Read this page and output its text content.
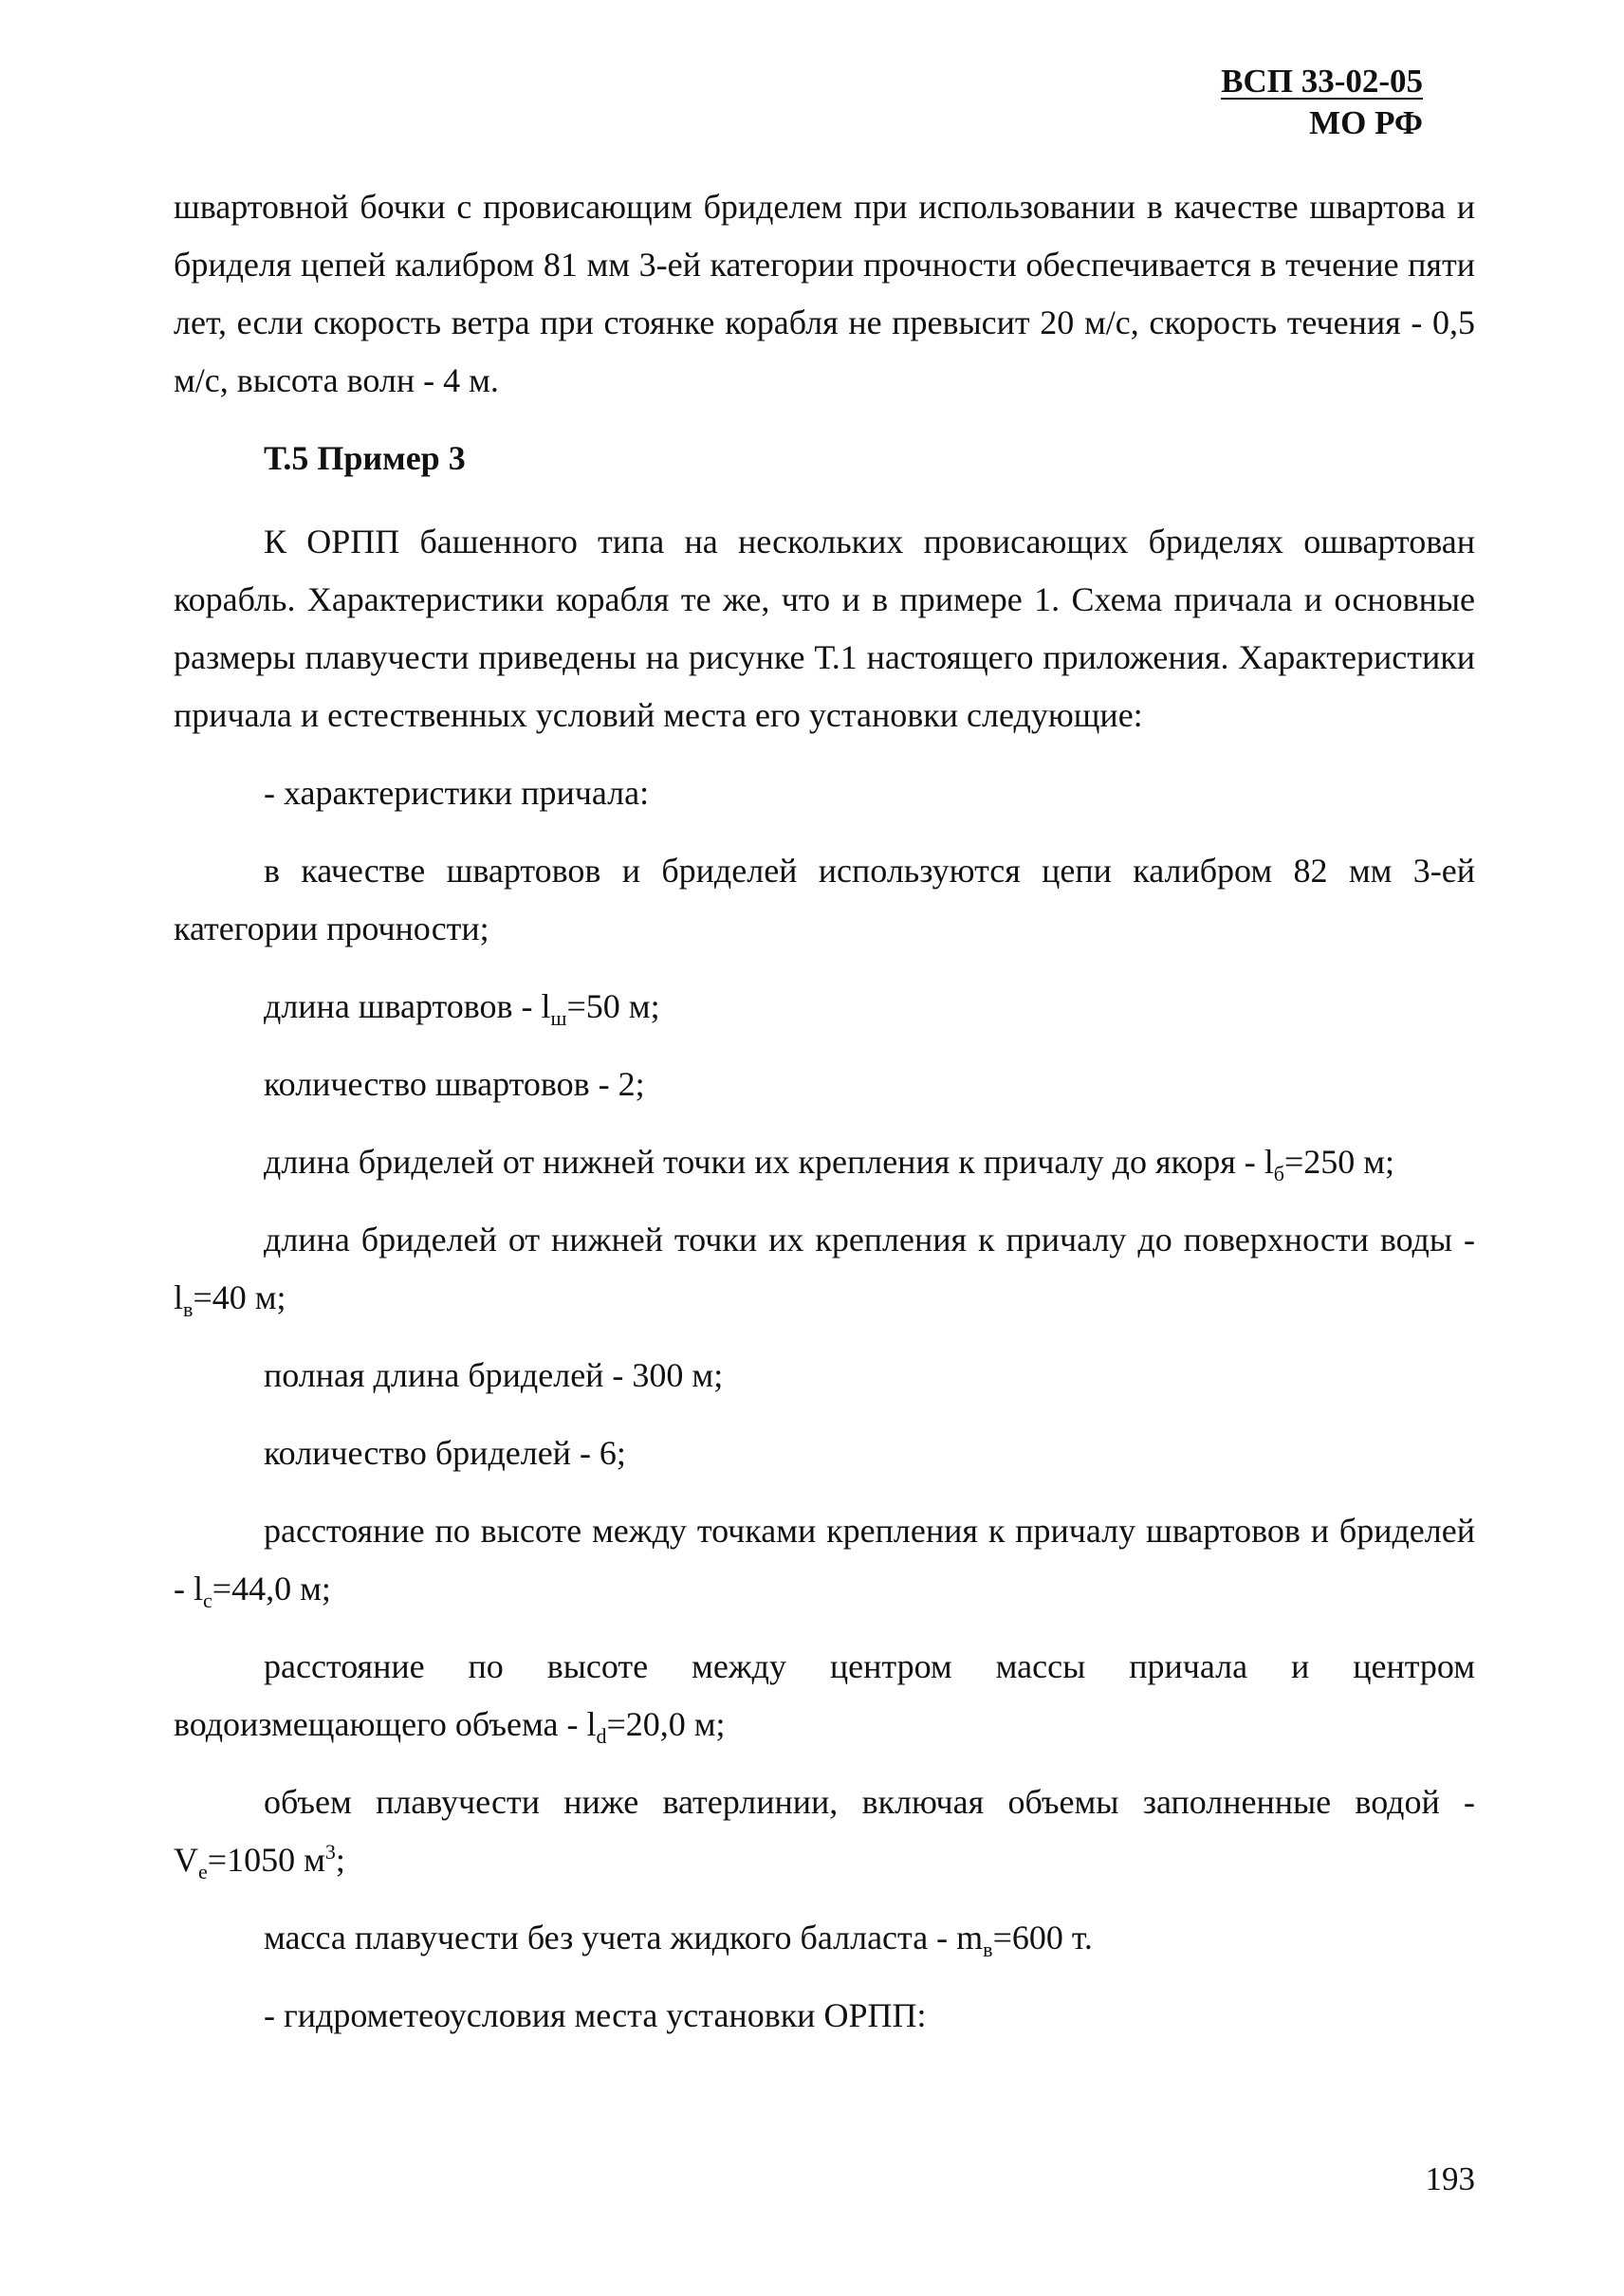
ВСП 33-02-05
МО РФ

швартовной бочки с провисающим бриделем при использовании в качестве швартова и бриделя цепей калибром 81 мм 3-ей категории прочности обеспечивается в течение пяти лет, если скорость ветра при стоянке корабля не превысит 20 м/с, скорость течения - 0,5 м/с, высота волн - 4 м.

Т.5 Пример 3

К ОРПП башенного типа на нескольких провисающих бриделях ошвартован корабль. Характеристики корабля те же, что и в примере 1. Схема причала и основные размеры плавучести приведены на рисунке Т.1 настоящего приложения. Характеристики причала и естественных условий места его установки следующие:

- характеристики причала:

в качестве швартовов и бриделей используются цепи калибром 82 мм 3-ей категории прочности;

длина швартовов - $l_ш=50$ м;

количество швартовов - 2;

длина бриделей от нижней точки их крепления к причалу до якоря - $l_б=250$ м;

длина бриделей от нижней точки их крепления к причалу до поверхности воды - $l_в=40$ м;

полная длина бриделей - 300 м;

количество бриделей - 6;

расстояние по высоте между точками крепления к причалу швартовов и бриделей - $l_c=44,0$ м;

расстояние по высоте между центром массы причала и центром водоизмещающего объема - $l_d=20,0$ м;

объем плавучести ниже ватерлинии, включая объемы заполненные водой - $V_e=1050$ $м^3$;

масса плавучести без учета жидкого балласта - $m_в=600$ т.

- гидрометеоусловия места установки ОРПП:

193
